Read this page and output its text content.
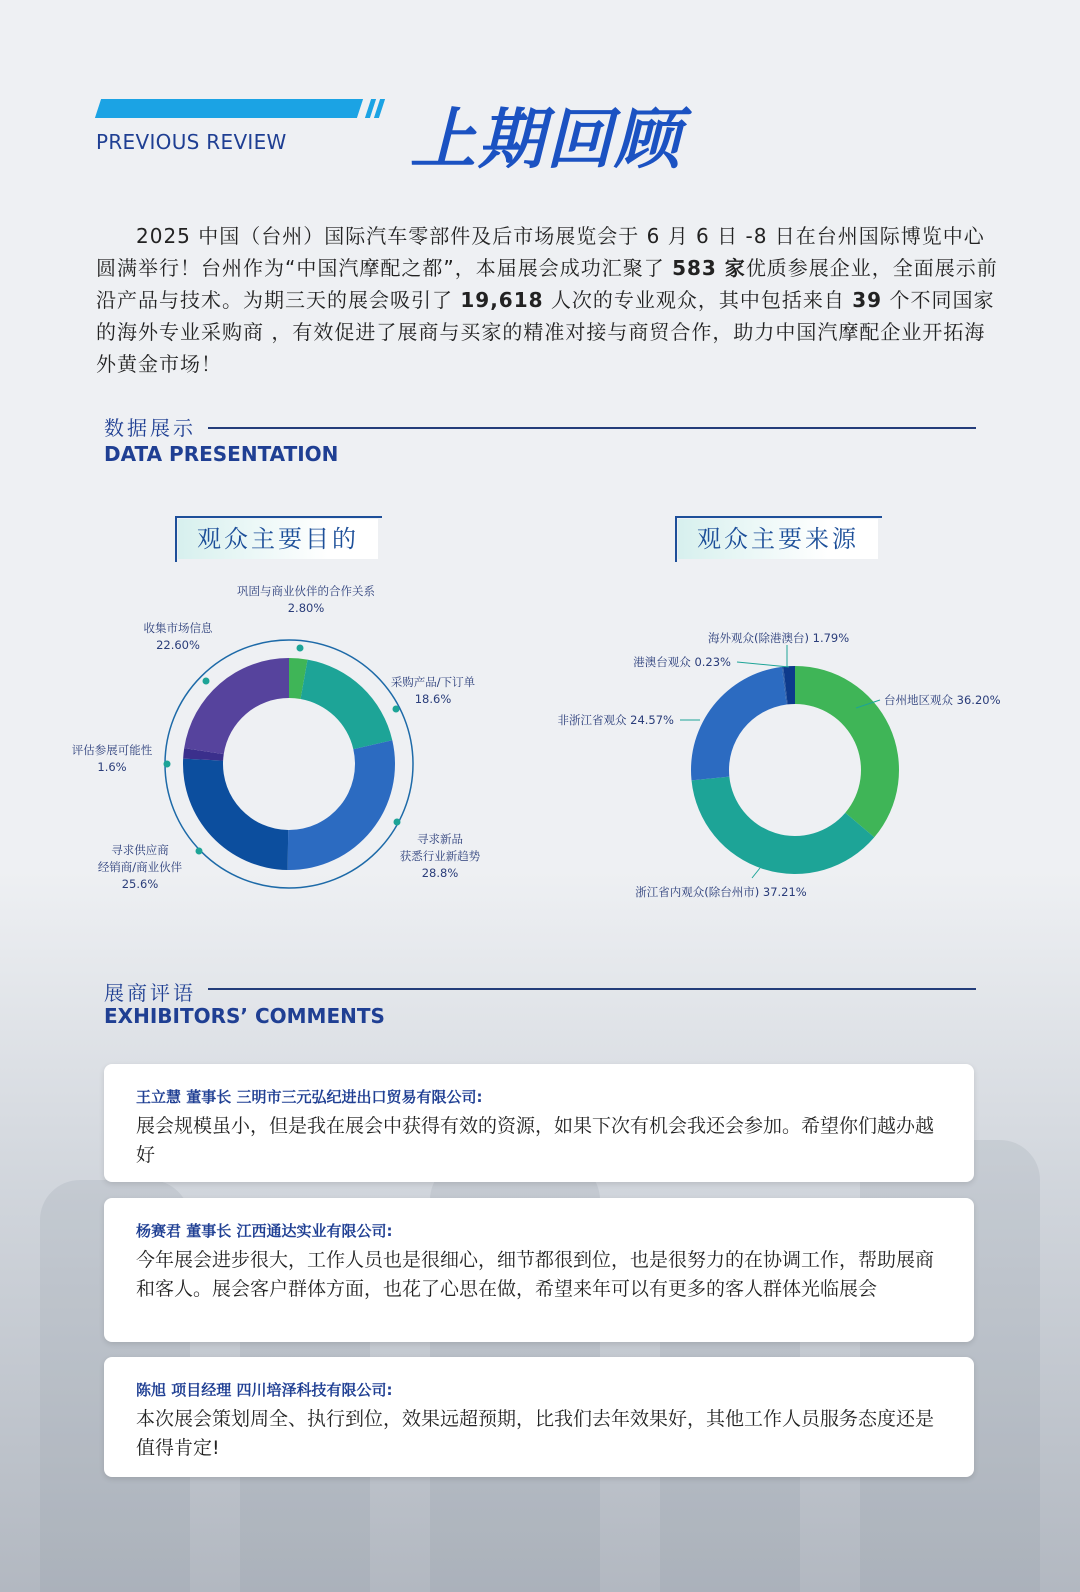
PREVIOUS REVIEW 上期回顾
2025 中国（台州）国际汽车零部件及后市场展览会于 6 月 6 日 -8 日在台州国际博览中心圆满举行！台州作为“中国汽摩配之都”，本届展会成功汇聚了 583 家优质参展企业，全面展示前沿产品与技术。为期三天的展会吸引了 19,618 人次的专业观众，其中包括来自 39 个不同国家的海外专业采购商 ，有效促进了展商与买家的精准对接与商贸合作，助力中国汽摩配企业开拓海外黄金市场！
数据展示
DATA PRESENTATION
观众主要目的	观众主要来源
巩固与商业伙伴的合作关系
2.80%
采购产品/下订单
18.6%
寻求新品
获悉行业新趋势
28.8%
寻求供应商
经销商/商业伙伴
25.6%
评估参展可能性
1.6%
收集市场信息
22.60%
台州地区观众 36.20%
浙江省内观众(除台州市) 37.21%
非浙江省观众 24.57%
港澳台观众 0.23%
海外观众(除港澳台) 1.79%
展商评语
EXHIBITORS’ COMMENTS
王立慧 董事长 三明市三元弘纪进出口贸易有限公司:
展会规模虽小，但是我在展会中获得有效的资源，如果下次有机会我还会参加。希望你们越办越好
杨赛君 董事长 江西通达实业有限公司:
今年展会进步很大，工作人员也是很细心，细节都很到位，也是很努力的在协调工作，帮助展商和客人。展会客户群体方面，也花了心思在做，希望来年可以有更多的客人群体光临展会
陈旭 项目经理 四川培泽科技有限公司:
本次展会策划周全、执行到位，效果远超预期，比我们去年效果好，其他工作人员服务态度还是值得肯定!
